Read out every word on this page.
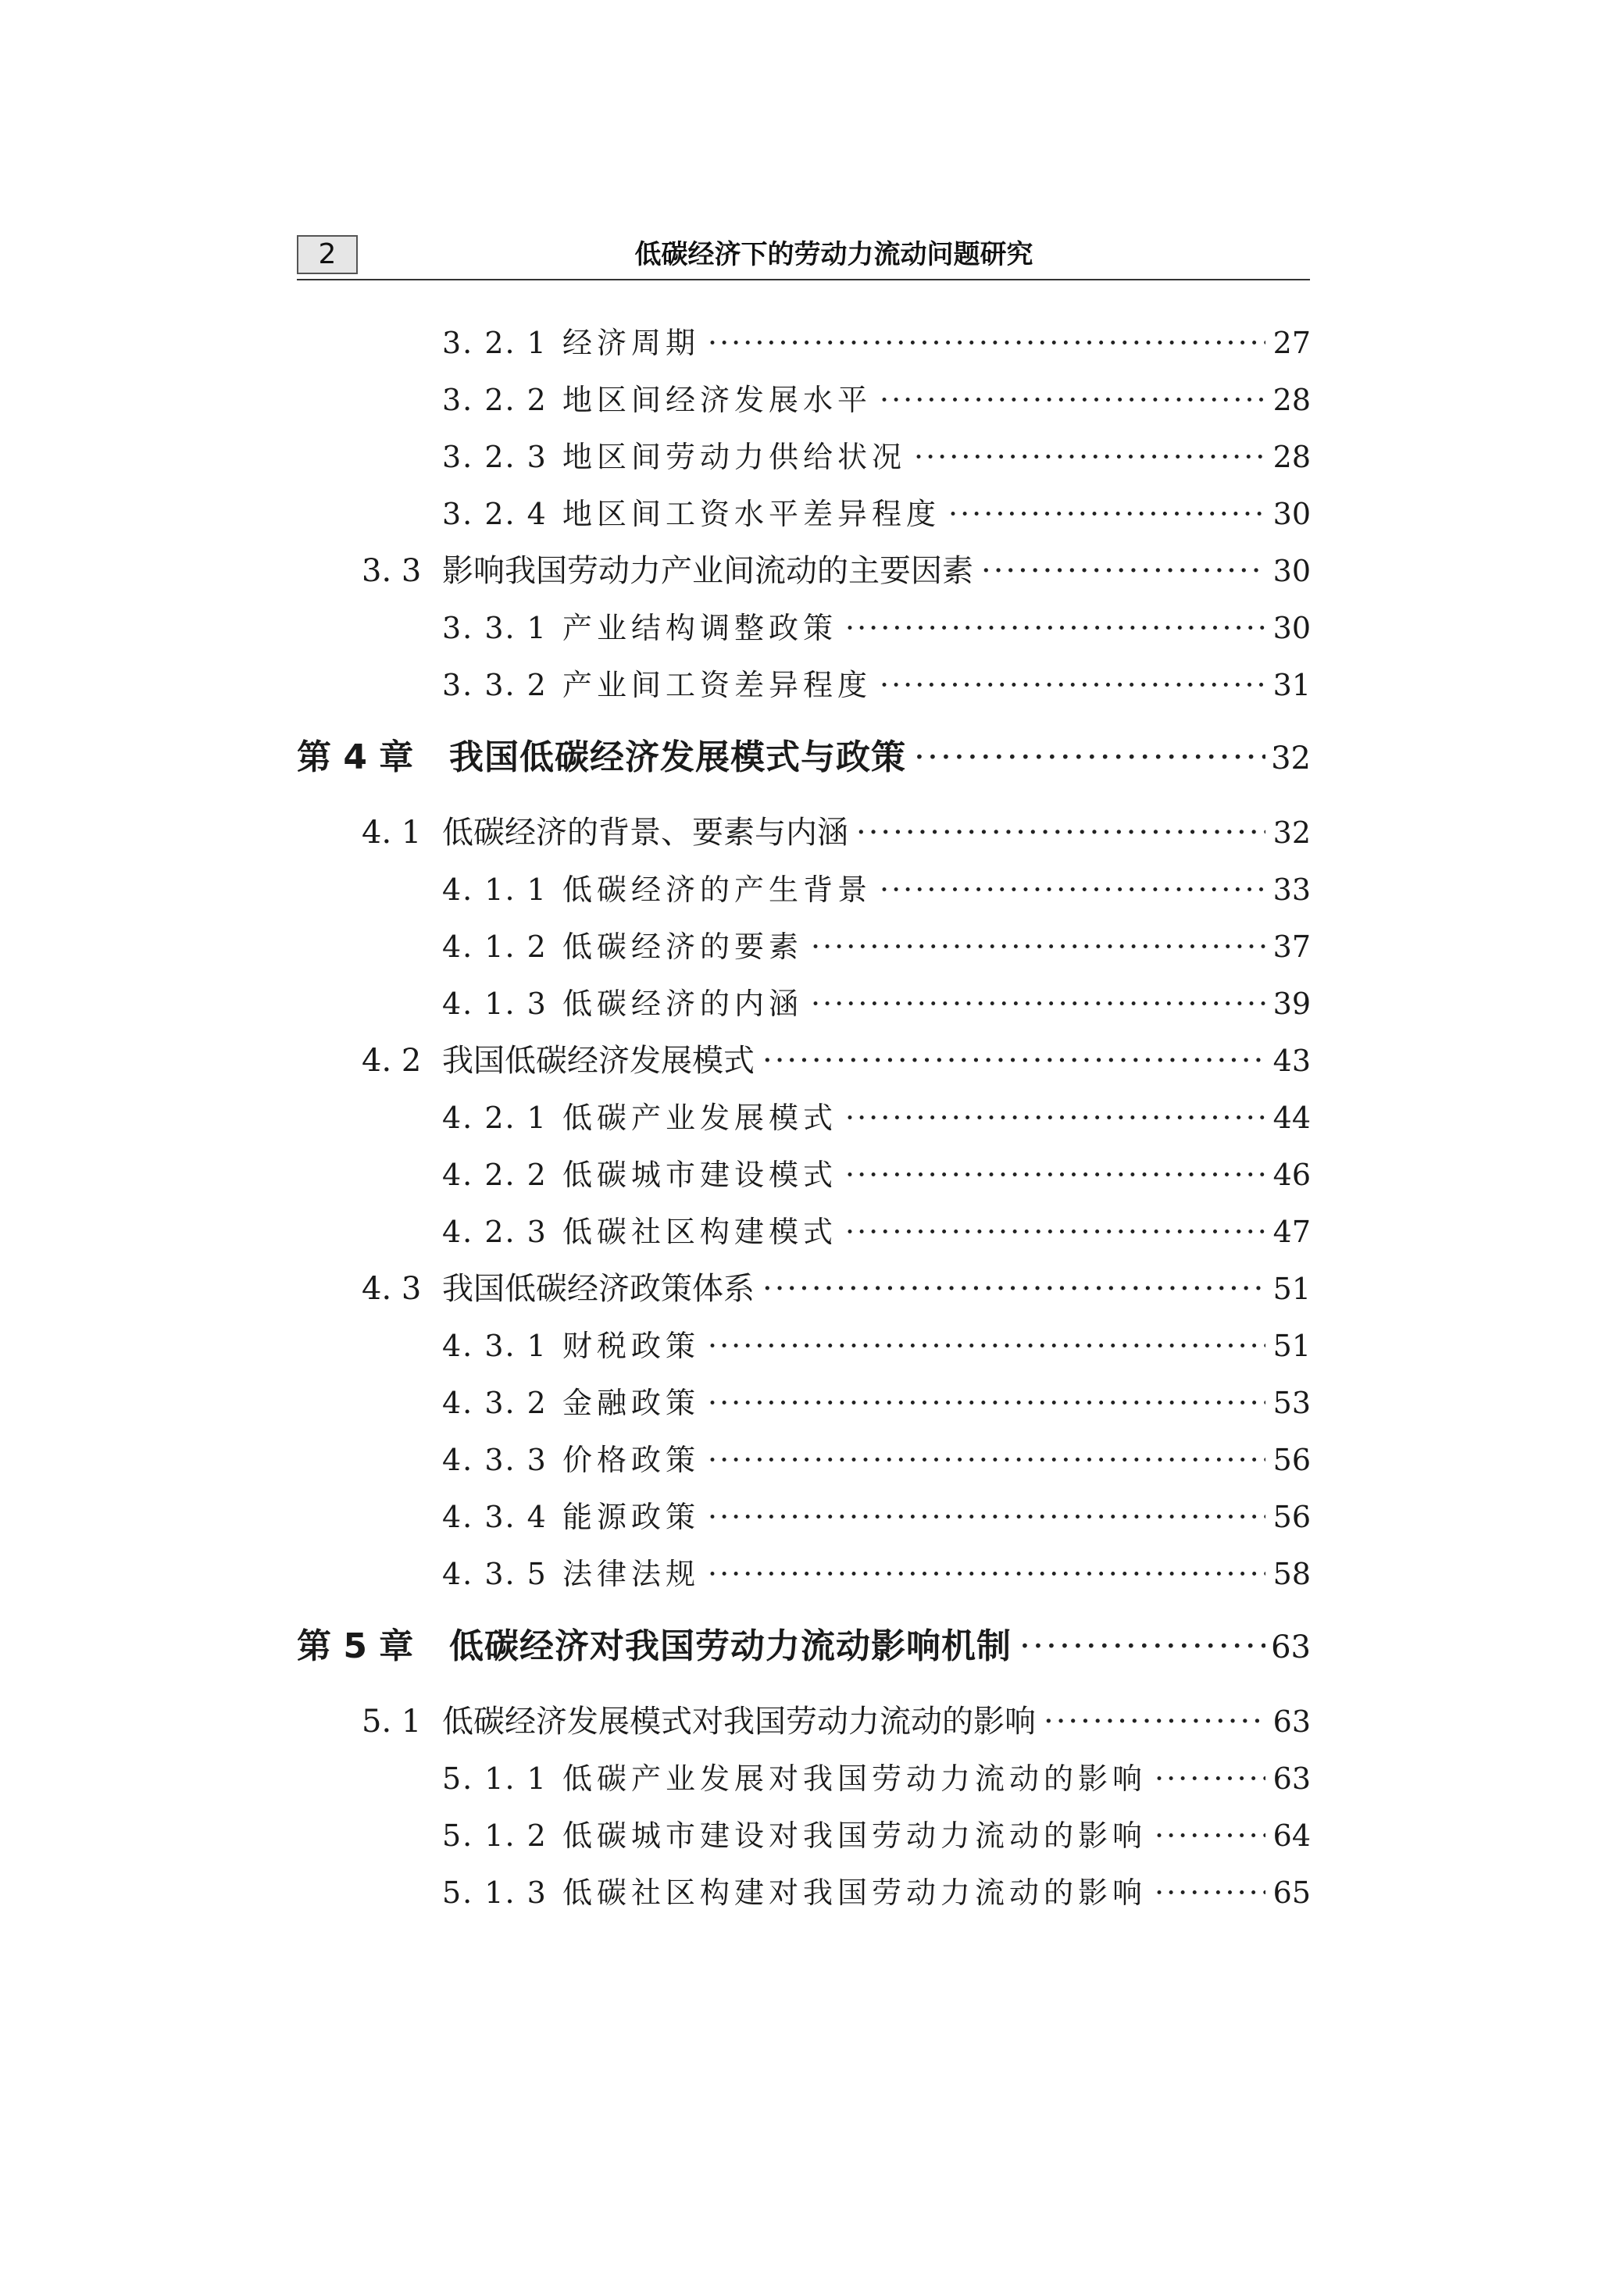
2	低碳经济下的劳动力流动问题研究
3. 2. 1 经济周期 ·····	27
3. 2. 2 地区间经济发展水平 ·····	28
3. 2. 3 地区间劳动力供给状况 ·····	28
3. 2. 4 地区间工资水平差异程度 ·····	30
3. 3 影响我国劳动力产业间流动的主要因素 ·····	30
3. 3. 1 产业结构调整政策 ·····	30
3. 3. 2 产业间工资差异程度 ·····	31
第 4 章	我国低碳经济发展模式与政策 ·····	32
4. 1 低碳经济的背景、要素与内涵 ·····	32
4. 1. 1 低碳经济的产生背景 ·····	33
4. 1. 2 低碳经济的要素 ·····	37
4. 1. 3 低碳经济的内涵 ·····	39
4. 2 我国低碳经济发展模式 ·····	43
4. 2. 1 低碳产业发展模式 ·····	44
4. 2. 2 低碳城市建设模式 ·····	46
4. 2. 3 低碳社区构建模式 ·····	47
4. 3 我国低碳经济政策体系 ·····	51
4. 3. 1 财税政策 ·····	51
4. 3. 2 金融政策 ·····	53
4. 3. 3 价格政策 ·····	56
4. 3. 4 能源政策 ·····	56
4. 3. 5 法律法规 ·····	58
第 5 章	低碳经济对我国劳动力流动影响机制 ·····	63
5. 1 低碳经济发展模式对我国劳动力流动的影响 ·····	63
5. 1. 1 低碳产业发展对我国劳动力流动的影响 ·····	63
5. 1. 2 低碳城市建设对我国劳动力流动的影响 ·····	64
5. 1. 3 低碳社区构建对我国劳动力流动的影响 ·····	65
